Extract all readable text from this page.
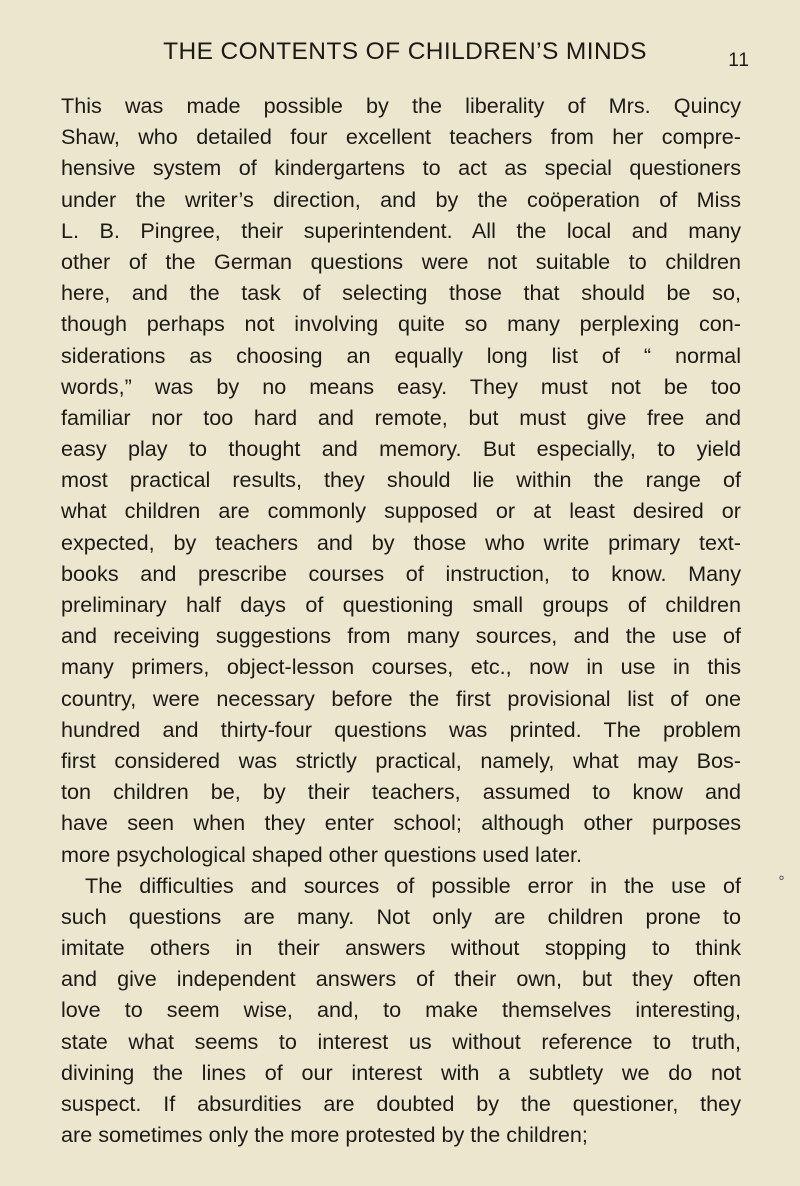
THE CONTENTS OF CHILDREN’S MINDS	11
This was made possible by the liberality of Mrs. Quincy
Shaw, who detailed four excellent teachers from her compre-
hensive system of kindergartens to act as special questioners
under the writer’s direction, and by the coöperation of Miss
L. B. Pingree, their superintendent. All the local and many
other of the German questions were not suitable to children
here, and the task of selecting those that should be so,
though perhaps not involving quite so many perplexing con-
siderations as choosing an equally long list of “ normal
words,” was by no means easy. They must not be too
familiar nor too hard and remote, but must give free and
easy play to thought and memory. But especially, to yield
most practical results, they should lie within the range of
what children are commonly supposed or at least desired or
expected, by teachers and by those who write primary text-
books and prescribe courses of instruction, to know. Many
preliminary half days of questioning small groups of children
and receiving suggestions from many sources, and the use of
many primers, object-lesson courses, etc., now in use in this
country, were necessary before the first provisional list of one
hundred and thirty-four questions was printed. The problem
first considered was strictly practical, namely, what may Bos-
ton children be, by their teachers, assumed to know and
have seen when they enter school; although other purposes
more psychological shaped other questions used later.
The difficulties and sources of possible error in the use of
such questions are many. Not only are children prone to
imitate others in their answers without stopping to think
and give independent answers of their own, but they often
love to seem wise, and, to make themselves interesting,
state what seems to interest us without reference to truth,
divining the lines of our interest with a subtlety we do not
suspect. If absurdities are doubted by the questioner, they
are sometimes only the more protested by the children;
°
